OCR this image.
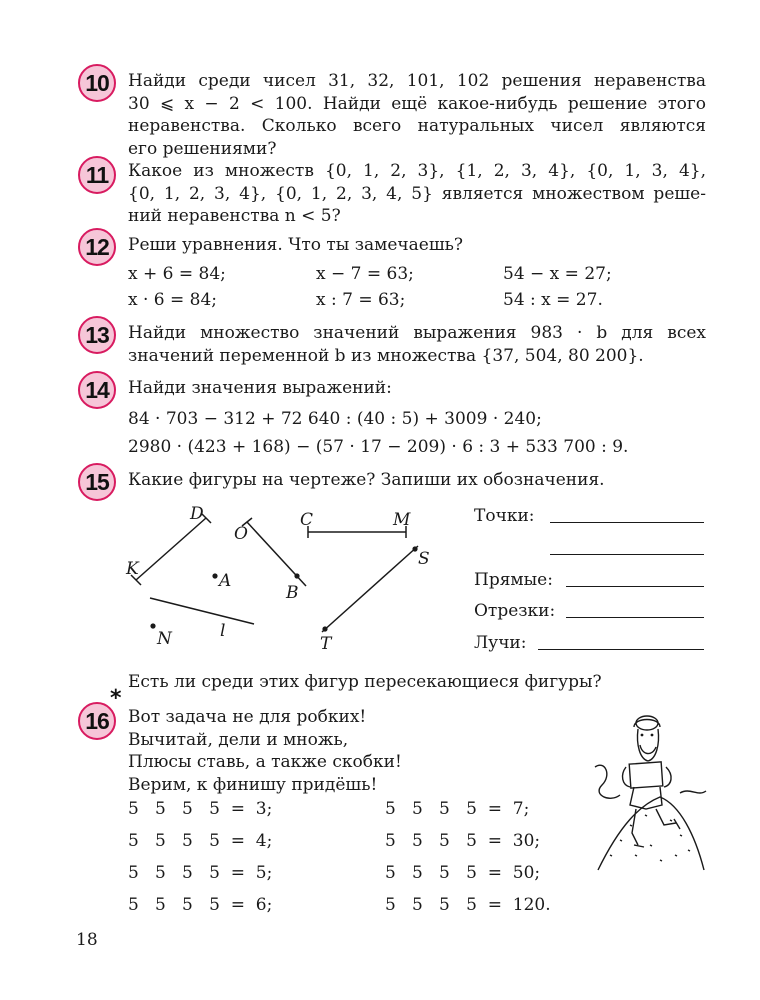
10	Найди среди чисел 31, 32, 101, 102 решения неравенства
30 ⩽ x − 2 < 100. Найди ещё какое-нибудь решение этого
неравенства. Сколько всего натуральных чисел являются
его решениями?
11	Какое из множеств {0, 1, 2, 3}, {1, 2, 3, 4}, {0, 1, 3, 4},
{0, 1, 2, 3, 4}, {0, 1, 2, 3, 4, 5} является множеством реше-
ний неравенства n < 5?
12	Реши уравнения. Что ты замечаешь?
x + 6 = 84;	x − 7 = 63;	54 − x = 27;
x · 6 = 84;	x : 7 = 63;	54 : x = 27.
13	Найди множество значений выражения 983 · b для всех
значений переменной b из множества {37, 504, 80 200}.
14	Найди значения выражений:
84 · 703 − 312 + 72 640 : (40 : 5) + 3009 · 240;
2980 · (423 + 168) − (57 · 17 − 209) · 6 : 3 + 533 700 : 9.
15	Какие фигуры на чертеже? Запиши их обозначения.
D
K
O
B
C	M
S
T
A
N	l
Точки:
Прямые:
Отрезки:
Лучи:
Есть ли среди этих фигур пересекающиеся фигуры?
*
16	Вот задача не для робких!
Вычитай, дели и множь,
Плюсы ставь, а также скобки!
Верим, к финишу придёшь!
5   5   5   5  =  3;	5   5   5   5  =  7;
5   5   5   5  =  4;	5   5   5   5  =  30;
5   5   5   5  =  5;	5   5   5   5  =  50;
5   5   5   5  =  6;	5   5   5   5  =  120.
18
